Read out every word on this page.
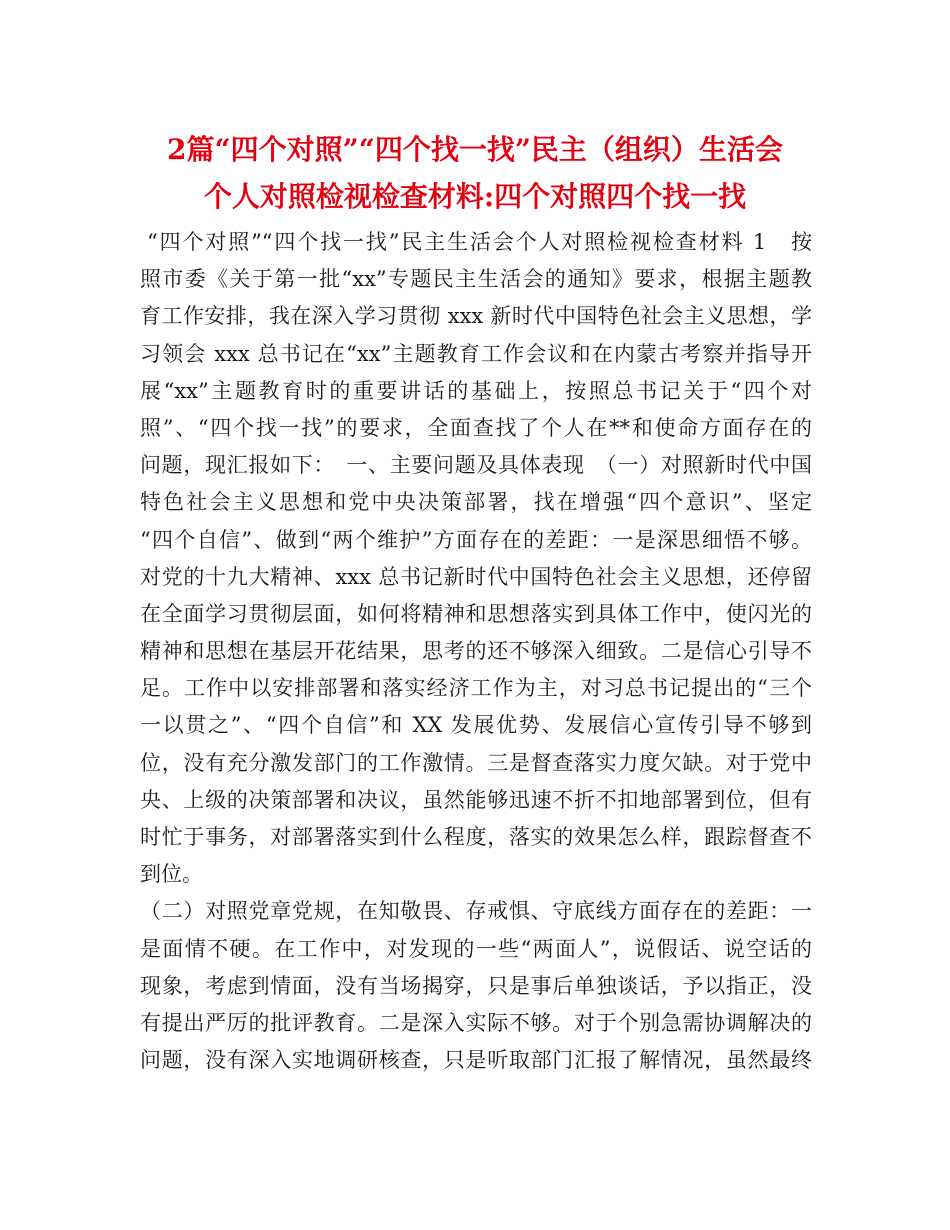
2篇“四个对照”“四个找一找”民主（组织）生活会
个人对照检视检查材料:四个对照四个找一找
“四个对照”“四个找一找”民主生活会个人对照检视检查材料 1　按
照市委《关于第一批“xx”专题民主生活会的通知》要求，根据主题教
育工作安排，我在深入学习贯彻 xxx 新时代中国特色社会主义思想，学
习领会 xxx 总书记在“xx”主题教育工作会议和在内蒙古考察并指导开
展“xx”主题教育时的重要讲话的基础上，按照总书记关于“四个对
照”、“四个找一找”的要求，全面查找了个人在**和使命方面存在的
问题，现汇报如下：　一、主要问题及具体表现　（一）对照新时代中国
特色社会主义思想和党中央决策部署，找在增强“四个意识”、坚定
“四个自信”、做到“两个维护”方面存在的差距：一是深思细悟不够。
对党的十九大精神、xxx 总书记新时代中国特色社会主义思想，还停留
在全面学习贯彻层面，如何将精神和思想落实到具体工作中，使闪光的
精神和思想在基层开花结果，思考的还不够深入细致。二是信心引导不
足。工作中以安排部署和落实经济工作为主，对习总书记提出的“三个
一以贯之”、“四个自信”和 XX 发展优势、发展信心宣传引导不够到
位，没有充分激发部门的工作激情。三是督查落实力度欠缺。对于党中
央、上级的决策部署和决议，虽然能够迅速不折不扣地部署到位，但有
时忙于事务，对部署落实到什么程度，落实的效果怎么样，跟踪督查不
到位。
（二）对照党章党规，在知敬畏、存戒惧、守底线方面存在的差距：一
是面情不硬。在工作中，对发现的一些“两面人”，说假话、说空话的
现象，考虑到情面，没有当场揭穿，只是事后单独谈话，予以指正，没
有提出严厉的批评教育。二是深入实际不够。对于个别急需协调解决的
问题，没有深入实地调研核查，只是听取部门汇报了解情况，虽然最终
